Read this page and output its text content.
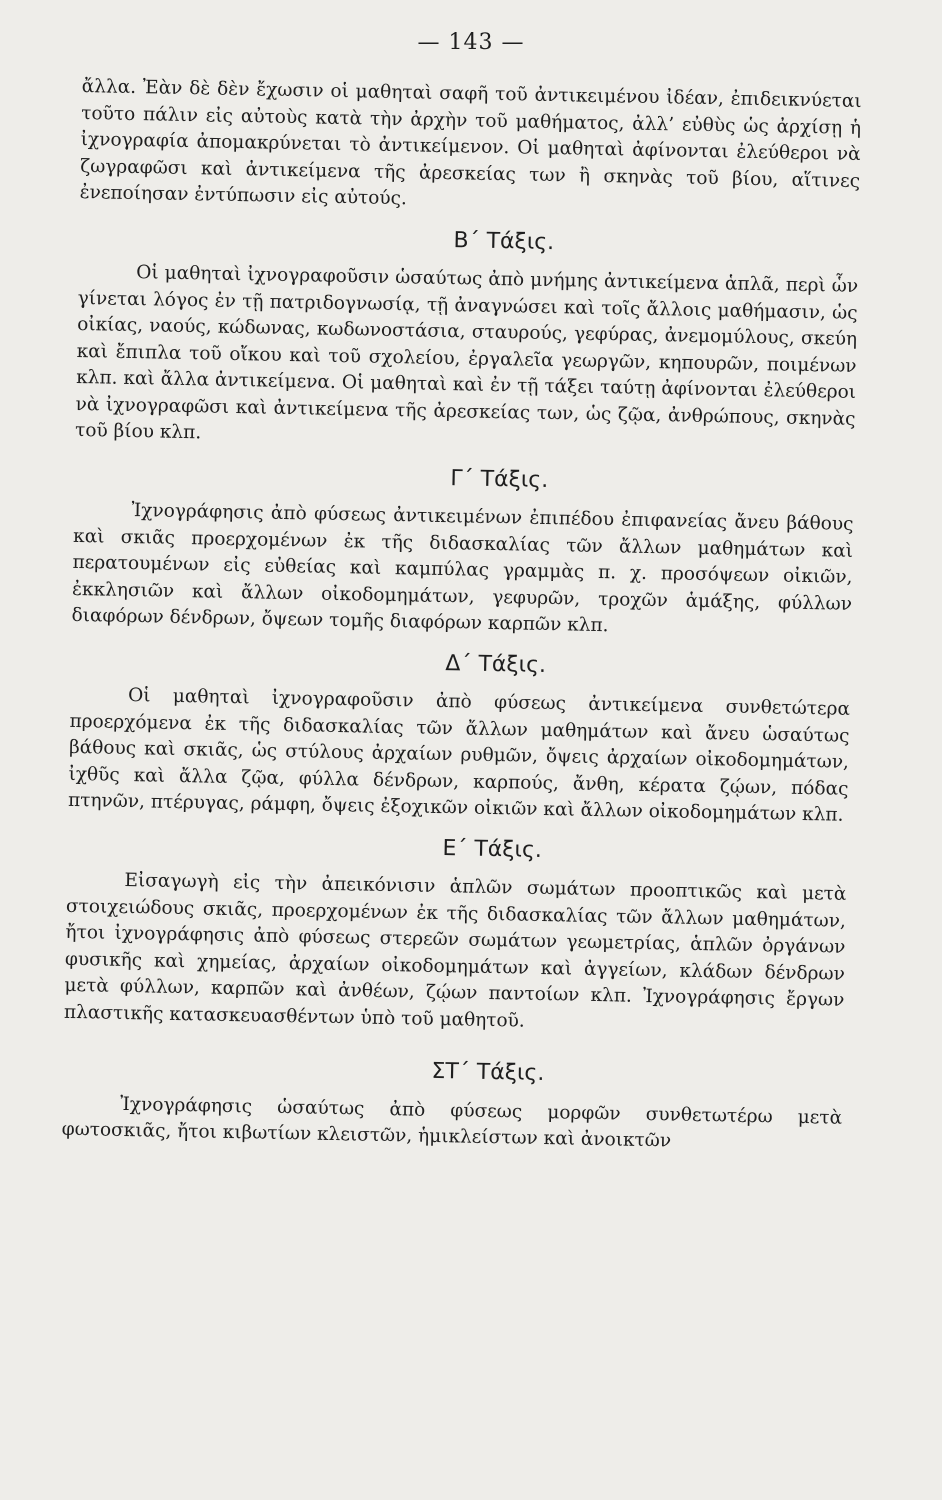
— 143 —

ἄλλα. Ἐὰν δὲ δὲν ἔχωσιν οἱ μαθηταὶ σαφῆ τοῦ ἀντικειμένου ἰδέαν, ἐπιδεικνύεται τοῦτο πάλιν εἰς αὐτοὺς κατὰ τὴν ἀρχὴν τοῦ μαθήματος, ἀλλ’ εὐθὺς ὡς ἀρχίσῃ ἡ ἰχνογραφία ἀπομακρύνεται τὸ ἀντικείμενον. Οἱ μαθηταὶ ἀφίνονται ἐλεύθεροι νὰ ζωγραφῶσι καὶ ἀντικείμενα τῆς ἀρεσκείας των ἢ σκηνὰς τοῦ βίου, αἵτινες ἐνεποίησαν ἐντύπωσιν εἰς αὐτούς.

Β΄ Τάξις.

Οἱ μαθηταὶ ἰχνογραφοῦσιν ὡσαύτως ἀπὸ μνήμης ἀντικείμενα ἁπλᾶ, περὶ ὧν γίνεται λόγος ἐν τῇ πατριδογνωσίᾳ, τῇ ἀναγνώσει καὶ τοῖς ἄλλοις μαθήμασιν, ὡς οἰκίας, ναούς, κώδωνας, κωδωνοστάσια, σταυρούς, γεφύρας, ἀνεμομύλους, σκεύη καὶ ἔπιπλα τοῦ οἴκου καὶ τοῦ σχολείου, ἐργαλεῖα γεωργῶν, κηπουρῶν, ποιμένων κλπ. καὶ ἄλλα ἀντικείμενα. Οἱ μαθηταὶ καὶ ἐν τῇ τάξει ταύτῃ ἀφίνονται ἐλεύθεροι νὰ ἰχνογραφῶσι καὶ ἀντικείμενα τῆς ἀρεσκείας των, ὡς ζῷα, ἀνθρώπους, σκηνὰς τοῦ βίου κλπ.

Γ΄ Τάξις.

Ἰχνογράφησις ἀπὸ φύσεως ἀντικειμένων ἐπιπέδου ἐπιφανείας ἄνευ βάθους καὶ σκιᾶς προερχομένων ἐκ τῆς διδασκαλίας τῶν ἄλλων μαθημάτων καὶ περατουμένων εἰς εὐθείας καὶ καμπύλας γραμμὰς π. χ. προσόψεων οἰκιῶν, ἐκκλησιῶν καὶ ἄλλων οἰκοδομημάτων, γεφυρῶν, τροχῶν ἁμάξης, φύλλων διαφόρων δένδρων, ὄψεων τομῆς διαφόρων καρπῶν κλπ.

Δ΄ Τάξις.

Οἱ μαθηταὶ ἰχνογραφοῦσιν ἀπὸ φύσεως ἀντικείμενα συνθετώτερα προερχόμενα ἐκ τῆς διδασκαλίας τῶν ἄλλων μαθημάτων καὶ ἄνευ ὡσαύτως βάθους καὶ σκιᾶς, ὡς στύλους ἀρχαίων ρυθμῶν, ὄψεις ἀρχαίων οἰκοδομημάτων, ἰχθῦς καὶ ἄλλα ζῷα, φύλλα δένδρων, καρπούς, ἄνθη, κέρατα ζῴων, πόδας πτηνῶν, πτέρυγας, ράμφη, ὄψεις ἐξοχικῶν οἰκιῶν καὶ ἄλλων οἰκοδομημάτων κλπ.

Ε΄ Τάξις.

Εἰσαγωγὴ εἰς τὴν ἀπεικόνισιν ἁπλῶν σωμάτων προοπτικῶς καὶ μετὰ στοιχειώδους σκιᾶς, προερχομένων ἐκ τῆς διδασκαλίας τῶν ἄλλων μαθημάτων, ἤτοι ἰχνογράφησις ἀπὸ φύσεως στερεῶν σωμάτων γεωμετρίας, ἁπλῶν ὀργάνων φυσικῆς καὶ χημείας, ἀρχαίων οἰκοδομημάτων καὶ ἀγγείων, κλάδων δένδρων μετὰ φύλλων, καρπῶν καὶ ἀνθέων, ζῴων παντοίων κλπ. Ἰχνογράφησις ἔργων πλαστικῆς κατασκευασθέντων ὑπὸ τοῦ μαθητοῦ.

ΣΤ΄ Τάξις.

Ἰχνογράφησις ὡσαύτως ἀπὸ φύσεως μορφῶν συνθετωτέρω μετὰ φωτοσκιᾶς, ἤτοι κιβωτίων κλειστῶν, ἡμικλείστων καὶ ἀνοικτῶν
